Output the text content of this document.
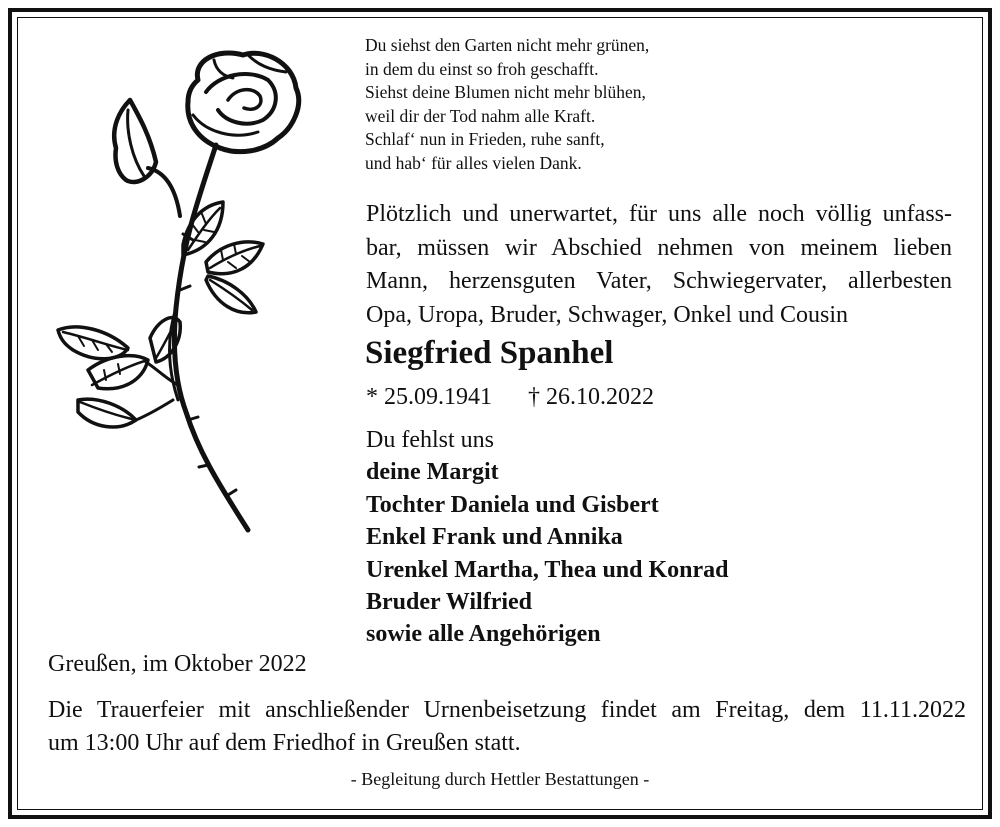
Du siehst den Garten nicht mehr grünen,
in dem du einst so froh geschafft.
Siehst deine Blumen nicht mehr blühen,
weil dir der Tod nahm alle Kraft.
Schlaf‘ nun in Frieden, ruhe sanft,
und hab‘ für alles vielen Dank.
Plötzlich und unerwartet, für uns alle noch völlig unfass-
bar, müssen wir Abschied nehmen von meinem lieben
Mann, herzensguten Vater, Schwiegervater, allerbesten
Opa, Uropa, Bruder, Schwager, Onkel und Cousin
Siegfried Spanhel
* 25.09.1941 † 26.10.2022
Du fehlst uns
deine Margit
Tochter Daniela und Gisbert
Enkel Frank und Annika
Urenkel Martha, Thea und Konrad
Bruder Wilfried
sowie alle Angehörigen
Greußen, im Oktober 2022
Die Trauerfeier mit anschließender Urnenbeisetzung findet am Freitag, dem 11.11.2022
um 13:00 Uhr auf dem Friedhof in Greußen statt.
- Begleitung durch Hettler Bestattungen -
